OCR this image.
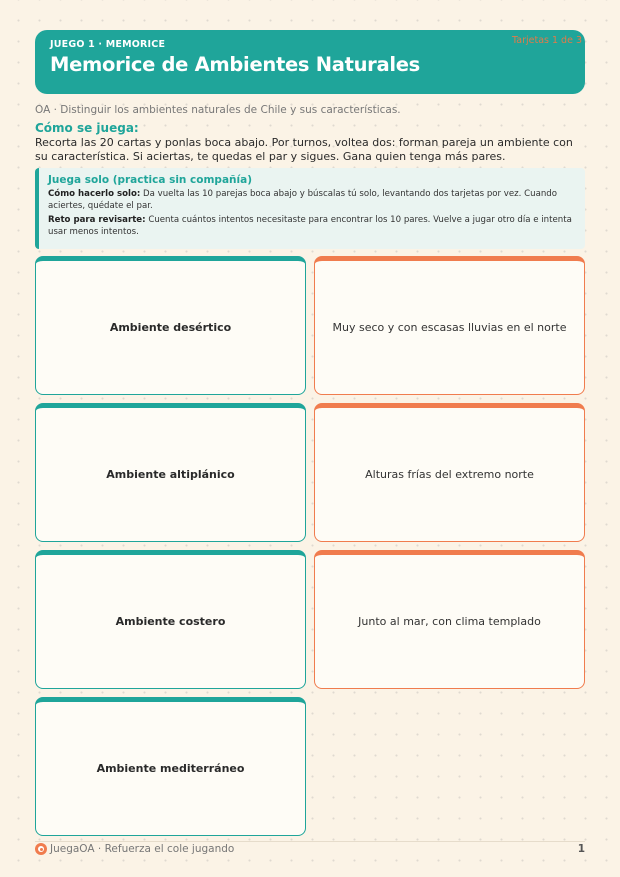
JUEGO 1 · MEMORICE
Memorice de Ambientes Naturales
Tarjetas 1 de 3
OA · Distinguir los ambientes naturales de Chile y sus características.
Cómo se juega:
Recorta las 20 cartas y ponlas boca abajo. Por turnos, voltea dos: forman pareja un ambiente con su característica. Si aciertas, te quedas el par y sigues. Gana quien tenga más pares.
Juega solo (practica sin compañía)

Cómo hacerlo solo: Da vuelta las 10 parejas boca abajo y búscalas tú solo, levantando dos tarjetas por vez. Cuando aciertes, quédate el par.

Reto para revisarte: Cuenta cuántos intentos necesitaste para encontrar los 10 pares. Vuelve a jugar otro día e intenta usar menos intentos.

Ambiente desértico	Muy seco y con escasas lluvias en el norte
Ambiente altiplánico	Alturas frías del extremo norte
Ambiente costero	Junto al mar, con clima templado
Ambiente mediterráneo
JuegaOA · Refuerza el cole jugando	1
